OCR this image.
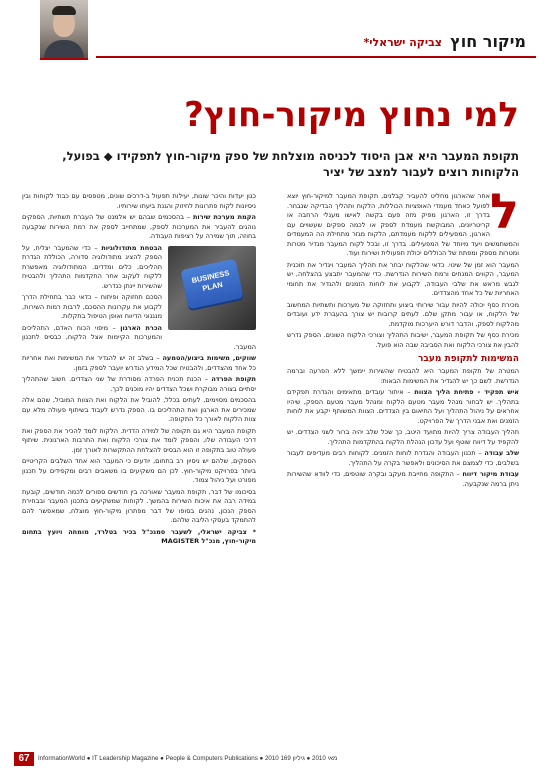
מיקור חוץ
צביקה ישראלי*
למי נחוץ מיקור-חוץ?
תקופת המעבר היא אבן היסוד לכניסה מוצלחת של ספק מיקור-חוץ לתפקידו ◆ בפועל, הלקוחות רוצים לעבור למצב של יציר
ל

אחר שהארגון מחליט להעביר קבלנים, תקופת המעבר למיקור-חוץ יוצא לפועל כאחד מעמדי האופציות הכוללות, הלקוח ותהליך הבדיקה שנבחר. בדרך זו, הארגון מפיק מזה פעם בקשה לאישו מעגלי הרחבה או קריטריונים, המבוקשת מעמדת לספק או לכמה ספקים שעשויים עם הארגון, המפעילים ללקוח מעמדתם, הלקוח מגזר מתחילת הה המעמדים והמשתמשים ויעד מיוחד של המפעילים. בדרך זו, ובכל לקוח המעבר מגדיר מטרות ומטרות מספק ומפתח של הכוללים יכולת תפעולית ושירות ועוד.

המעבר הוא זמן של שינוי. כדאי שהלקוח יבחר את תהליך המעבר ויגדיר את תוכנית המעבר, הקווים המנחים ורמת השירות הנדרשת. כדי שהמעבר יתבצע בהצלחה, יש לגבש מראש את שלבי העבודה, לקבוע את לוחות הזמנים ולהגדיר את תחומי האחריות של כל אחד מהצדדים.

מכירת כסף יכולה להיות עבור שירותי ביצוע ותחזוקה של מערכות ותשתיות המחשוב של הלקוח, או עבור מתקן שלם. לעתים קרובות יש צורך בהעברת ידע ועובדים מהלקוח לספק, והדבר דורש היערכות מוקדמת.

מכירת כסף של תקופת המעבר, ישיבות התהליך וצורכי הלקוח השונים. הספק נדרש להבין את צורכי הלקוח ואת הסביבה שבה הוא פועל.

המשימות לתקופת מעבר

המטרה של תקופת המעבר היא להבטיח שהשירות יימשך ללא הפרעה וברמה הנדרשת. לשם כך יש להגדיר את המשימות הבאות:

איש תפקיד - פתיחת הליך הצוות – איתור עובדים מתאימים והגדרת תפקידם בתהליך. יש לבחור מנהל מעבר מטעם הלקוח ומנהל מעבר מטעם הספק, שיהיו אחראים על ניהול התהליך ועל התיאום בין הצדדים. הצוות המשותף יקבע את לוחות הזמנים ואת אבני הדרך של הפרויקט.

תהליך העבודה צריך להיות מתועד היטב, כך שכל שלב יהיה ברור לשני הצדדים. יש להקפיד על דיווח שוטף ועל עדכון הנהלת הלקוח בהתקדמות התהליך.

שלב עבודה – תכנון העבודה והגדרת לוחות הזמנים. לקוחות רבים מעדיפים לעבור בשלבים, כדי לצמצם את הסיכונים ולאפשר בקרה על התהליך.

עבודת מיקור דיווח – התקופה מחייבת מעקב ובקרה שוטפים, כדי לוודא שהשירות ניתן ברמה שנקבעה.

כגון יעדות והיכר שונות, יעילות תפעול ב-דרכים שונים, מטפסים עם כבוד לקוחות ובין ניסיונות לקוח פתרונות לחיזוק והגנת ביעתו שירותיו.

הקמת מערכת שירות – בהסכמים שבהם יש אלמנט של העברת תשתיות, הספקים נוהגים להעביר את המערכות לספק, שמתחייב לספק את רמת השירות שנקבעה בחוזה, תוך שמירה על רציפות העבודה.

BUSINESS PLAN

הבטחת מתודולוגיות – כדי שהמעבר יצליח, על הספק להציג מתודולוגיה סדורה, הכוללת הגדרת תהליכים, כלים ומדדים. המתודולוגיה מאפשרת ללקוח לעקוב אחר התקדמות התהליך ולהבטיח שהשירות יינתן כנדרש.

הסכם תחזוקה ופיתוח – כדאי כבר בתחילת הדרך לקבוע את עקרונות ההסכם, לרבות רמות השירות, מנגנוני הדיווח ואופן הטיפול בתקלות.

הכרת הארגון – מיפוי הכוח האדם, התהליכים והמערכות הקיימות אצל הלקוח, כבסיס לתכנון המעבר.

שווקים, משימות ביצוע/הטמעה – בשלב זה יש להגדיר את המשימות ואת אחריות כל אחד מהצדדים, ולהבטיח שכל המידע הנדרש יועבר לספק בזמן.

תקופת הפרדה – הכנת תכנית הפרדה מסודרת של שני הצדדים. חשוב שהתהליך יסתיים בצורה מבוקרת ושכל הצדדים יהיו מוכנים לכך.

בהסכמים מסוימים, לעתים בכלל, להוביל את הלקוח ואת הצוות המוביל, שהם אלה שמכירים את הארגון ואת התהליכים בו. הספק נדרש לעבוד בשיתוף פעולה מלא עם צוות הלקוח לאורך כל התקופה.

תקופת המעבר היא גם תקופה של למידה הדדית. הלקוח לומד להכיר את הספק ואת דרכי העבודה שלו, והספק לומד את צורכי הלקוח ואת התרבות הארגונית. שיתוף פעולה טוב בתקופה זו הוא הבסיס להצלחת ההתקשרות לאורך זמן.

הספקים, שלהם יש ניסיון רב בתחום, יודעים כי המעבר הוא אחד השלבים הקריטיים ביותר בפרויקט מיקור-חוץ. לכן הם משקיעים בו משאבים רבים ומקפידים על תכנון מפורט ועל ניהול צמוד.

בסיכומו של דבר, תקופת המעבר שאורכה בין חודשים ספורים לכמה חודשים, קובעת במידה רבה את איכות השירות בהמשך. לקוחות שמשקיעים בתכנון המעבר ובבחירת הספק הנכון, נהנים בסופו של דבר מפתרון מיקור-חוץ מוצלח, שמאפשר להם להתמקד בעסקי הליבה שלהם.

* צביקה ישראלי, לשעבר סמנכ"ל בכיר בטלרד, מומחה ויועץ בתחום מיקור-חוץ, מנכ"ל MAGISTER

67	InformationWorld ● IT Leadership Magazine ● People & Computers Publications ● 2010 מאי 2010 ● גיליון 169
